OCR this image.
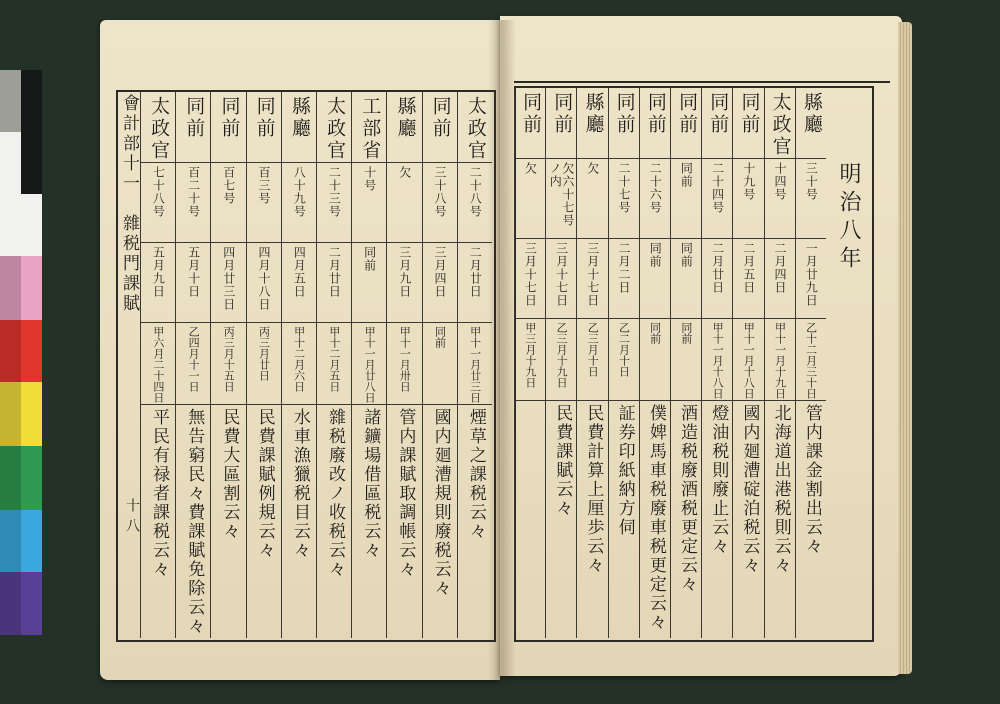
會計部十一　雜税門課賦
十八
明治八年
太政官
二十八号
二月廿日
甲十一月廿三日
煙草之課税云々
同前
三十八号
三月四日
同前
國内廻漕規則廢税云々
縣廳
欠
三月九日
甲十一月卅日
管内課賦取調帳云々
工部省
十号
同前
甲十一月廿八日
諸鑛場借區税云々
太政官
二十三号
二月廿日
甲十二月五日
雜税廢改ノ收税云々
縣廳
八十九号
四月五日
甲十二月六日
水車漁獵税目云々
同前
百三号
四月十八日
丙三月廿日
民費課賦例規云々
同前
百七号
四月廿三日
丙三月十五日
民費大區割云々
同前
百二十号
五月十日
乙四月十一日
無告窮民々費課賦免除云々
太政官
七十八号
五月九日
甲六月二十四日
平民有禄者課税云々
縣廳
三十号
一月廿九日
乙十二月三十日
管内課金割出云々
太政官
十四号
二月四日
甲十一月十九日
北海道出港税則云々
同前
十九号
二月五日
甲十一月十八日
國内廻漕碇泊税云々
同前
二十四号
二月廿日
甲十一月十八日
燈油税則廢止云々
同前
同前
同前
同前
酒造税廢酒税更定云々
同前
二十六号
同前
同前
僕婢馬車税廢車税更定云々
同前
二十七号
二月二日
乙二月十日
証券印紙納方伺
縣廳
欠
三月十七日
乙三月十日
民費計算上厘歩云々
同前
欠六十七号ノ内
三月十七日
乙三月十九日
民費課賦云々
同前
欠
三月十七日
甲三月十九日
